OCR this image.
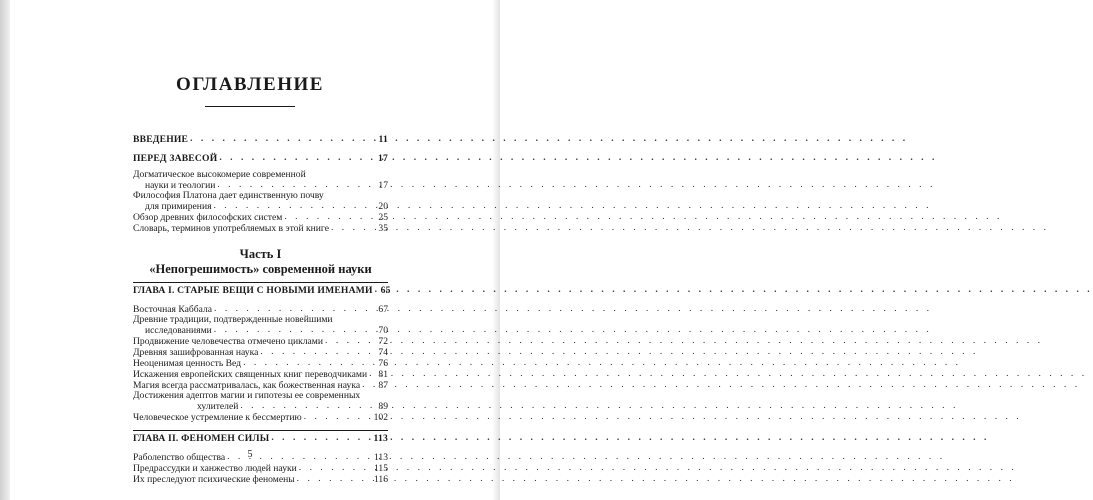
ОГЛАВЛЕНИЕ
ВВЕДЕНИЕ . . .	11
ПЕРЕД ЗАВЕСОЙ . . .	17
Догматическое высокомерие современной
науки и теологии . . .	17
Философия Платона дает единственную почву
для примирения . . .	20
Обзор древних философских систем . . .	25
Словарь, терминов употребляемых в этой книге . . .	35
Часть I
«Непогрешимость» современной науки
ГЛАВА I. СТАРЫЕ ВЕЩИ С НОВЫМИ ИМЕНАМИ . . . 65
Восточная Каббала . . .	67
Древние традиции, подтвержденные новейшими
исследованиями . . .	70
Продвижение человечества отмечено циклами . . .	72
Древняя зашифрованная наука . . .	74
Неоценимая ценность Вед . . .	76
Искажения европейских священных книг переводчиками . . . 81
Магия всегда рассматривалась, как божественная наука . . . 87
Достижения адептов магии и гипотезы ее современных
хулителей . . .	89
Человеческое устремление к бессмертию . . .	102
ГЛАВА II. ФЕНОМЕН СИЛЫ . . .	113
Раболепство общества . . .	113
Предрассудки и ханжество людей науки . . .	115
Их преследуют психические феномены . . .	116
5
